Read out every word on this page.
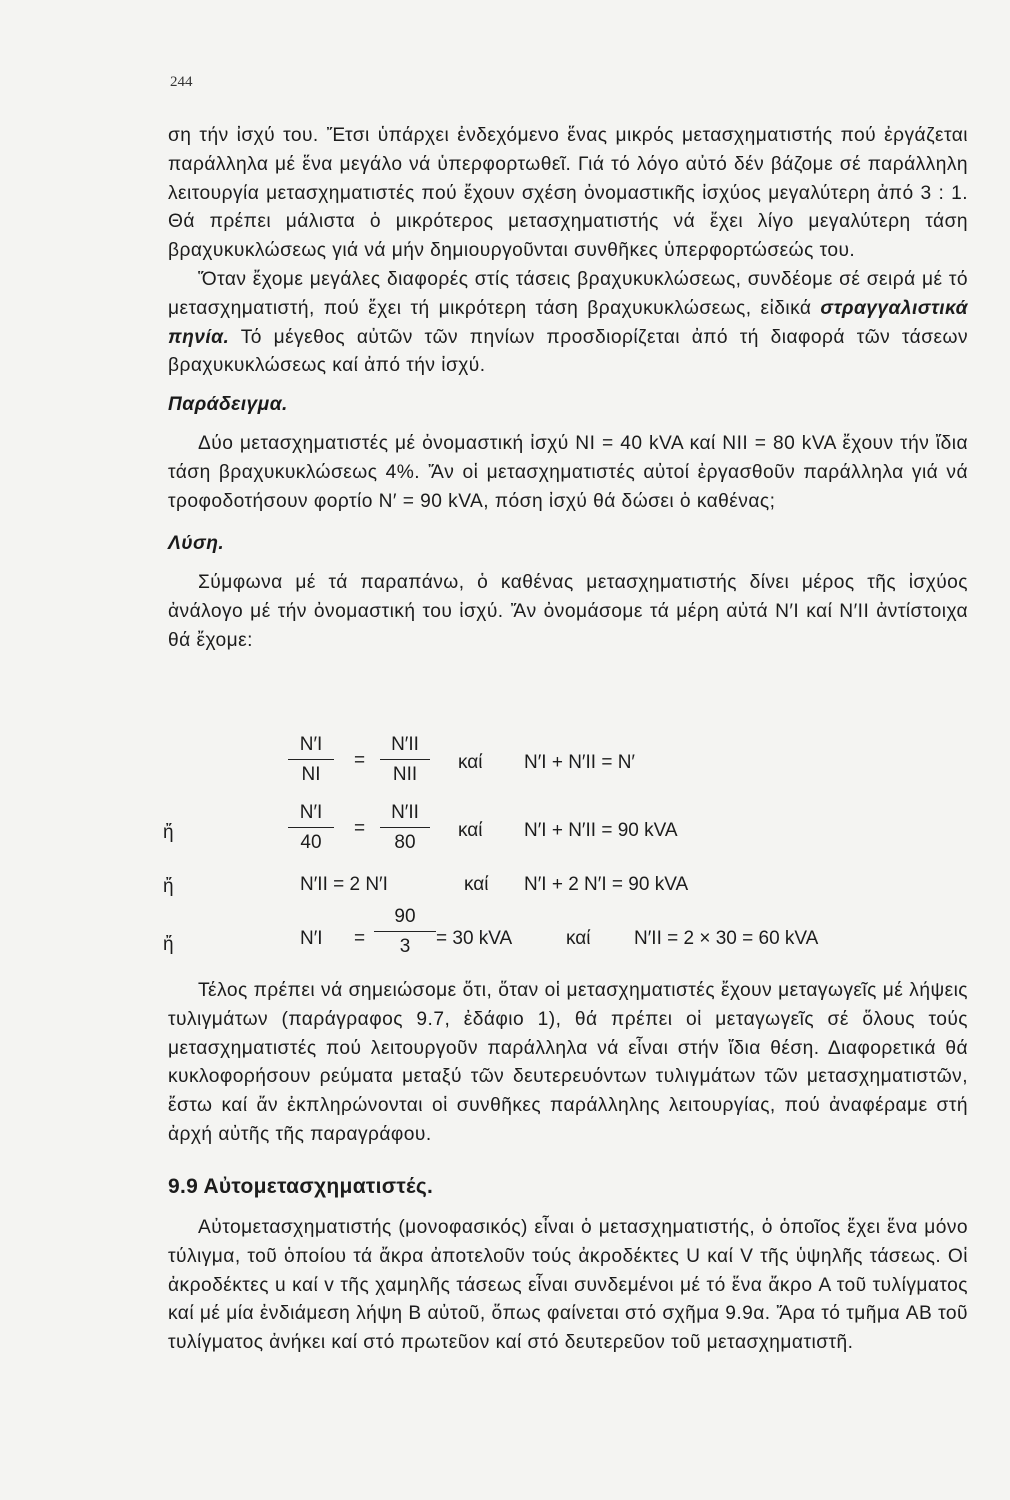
244

ση τήν ἰσχύ του. Ἔτσι ὑπάρχει ἐνδεχόμενο ἕνας μικρός μετασχηματιστής πού ἐργάζεται παράλληλα μέ ἕνα μεγάλο νά ὑπερφορτωθεῖ. Γιά τό λόγο αὐτό δέν βάζομε σέ παράλληλη λειτουργία μετασχηματιστές πού ἔχουν σχέση ὀνομαστικῆς ἰσχύος μεγαλύτερη ἀπό 3 : 1. Θά πρέπει μάλιστα ὁ μικρότερος μετασχηματιστής νά ἔχει λίγο μεγαλύτερη τάση βραχυκυκλώσεως γιά νά μήν δημιουργοῦνται συνθῆκες ὑπερφορτώσεώς του.

Ὅταν ἔχομε μεγάλες διαφορές στίς τάσεις βραχυκυκλώσεως, συνδέομε σέ σειρά μέ τό μετασχηματιστή, πού ἔχει τή μικρότερη τάση βραχυκυκλώσεως, εἰδικά στραγγαλιστικά πηνία. Τό μέγεθος αὐτῶν τῶν πηνίων προσδιορίζεται ἀπό τή διαφορά τῶν τάσεων βραχυκυκλώσεως καί ἀπό τήν ἰσχύ.

Παράδειγμα.

Δύο μετασχηματιστές μέ ὀνομαστική ἰσχύ NI = 40 kVA καί NII = 80 kVA ἔχουν τήν ἴδια τάση βραχυκυκλώσεως 4%. Ἄν οἱ μετασχηματιστές αὐτοί ἐργασθοῦν παράλληλα γιά νά τροφοδοτήσουν φορτίο N′ = 90 kVA, πόση ἰσχύ θά δώσει ὁ καθένας;

Λύση.

Σύμφωνα μέ τά παραπάνω, ὁ καθένας μετασχηματιστής δίνει μέρος τῆς ἰσχύος ἀνάλογο μέ τήν ὀνομαστική του ἰσχύ. Ἄν ὀνομάσομε τά μέρη αὐτά N′I καί N′II ἀντίστοιχα θά ἔχομε:

N′I
NI
=
N′II
NII
καί N′I + N′II = N′
ἤ
N′I
40
=
N′II
80
καί N′I + N′II = 90 kVA
ἤ	N′II = 2 N′I	καί N′I + 2 N′I = 90 kVA
ἤ	N′I =
90
3	= 30 kVA	καί N′II = 2 × 30 = 60 kVA

Τέλος πρέπει νά σημειώσομε ὅτι, ὅταν οἱ μετασχηματιστές ἔχουν μεταγωγεῖς μέ λήψεις τυλιγμάτων (παράγραφος 9.7, ἐδάφιο 1), θά πρέπει οἱ μεταγωγεῖς σέ ὅλους τούς μετασχηματιστές πού λειτουργοῦν παράλληλα νά εἶναι στήν ἴδια θέση. Διαφορετικά θά κυκλοφορήσουν ρεύματα μεταξύ τῶν δευτερευόντων τυλιγμάτων τῶν μετασχηματιστῶν, ἔστω καί ἄν ἐκπληρώνονται οἱ συνθῆκες παράλληλης λειτουργίας, πού ἀναφέραμε στή ἀρχή αὐτῆς τῆς παραγράφου.

9.9 Αὐτομετασχηματιστές.

Αὐτομετασχηματιστής (μονοφασικός) εἶναι ὁ μετασχηματιστής, ὁ ὁποῖος ἔχει ἕνα μόνο τύλιγμα, τοῦ ὁποίου τά ἄκρα ἀποτελοῦν τούς ἀκροδέκτες U καί V τῆς ὑψηλῆς τάσεως. Οἱ ἀκροδέκτες u καί v τῆς χαμηλῆς τάσεως εἶναι συνδεμένοι μέ τό ἕνα ἄκρο A τοῦ τυλίγματος καί μέ μία ἐνδιάμεση λήψη B αὐτοῦ, ὅπως φαίνεται στό σχῆμα 9.9α. Ἄρα τό τμῆμα AB τοῦ τυλίγματος ἀνήκει καί στό πρωτεῦον καί στό δευτερεῦον τοῦ μετασχηματιστῆ.
